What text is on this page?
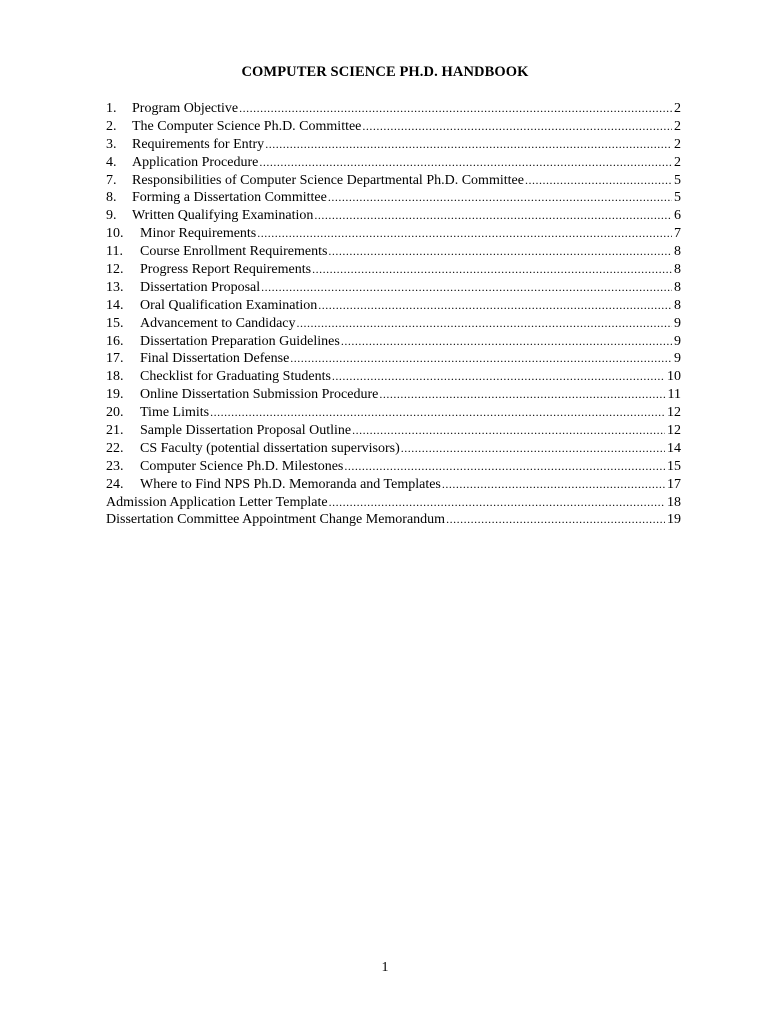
COMPUTER SCIENCE PH.D. HANDBOOK
1.	Program Objective .....	2
2.	The Computer Science Ph.D. Committee .....	2
3.	Requirements for Entry .....	2
4.	Application Procedure .....	2
7.	Responsibilities of Computer Science Departmental Ph.D. Committee .....	5
8.	Forming a Dissertation Committee .....	5
9.	Written Qualifying Examination .....	6
10.	Minor Requirements .....	7
11.	Course Enrollment Requirements .....	8
12.	Progress Report Requirements .....	8
13.	Dissertation Proposal .....	8
14.	Oral Qualification Examination .....	8
15.	Advancement to Candidacy .....	9
16.	Dissertation Preparation Guidelines .....	9
17.	Final Dissertation Defense .....	9
18.	Checklist for Graduating Students .....	10
19.	Online Dissertation Submission Procedure .....	11
20.	Time Limits .....	12
21.	Sample Dissertation Proposal Outline .....	12
22.	CS Faculty (potential dissertation supervisors) .....	14
23.	Computer Science Ph.D. Milestones .....	15
24.	Where to Find NPS Ph.D. Memoranda and Templates .....	17
Admission Application Letter Template .....	18
Dissertation Committee Appointment Change Memorandum .....	19
1
